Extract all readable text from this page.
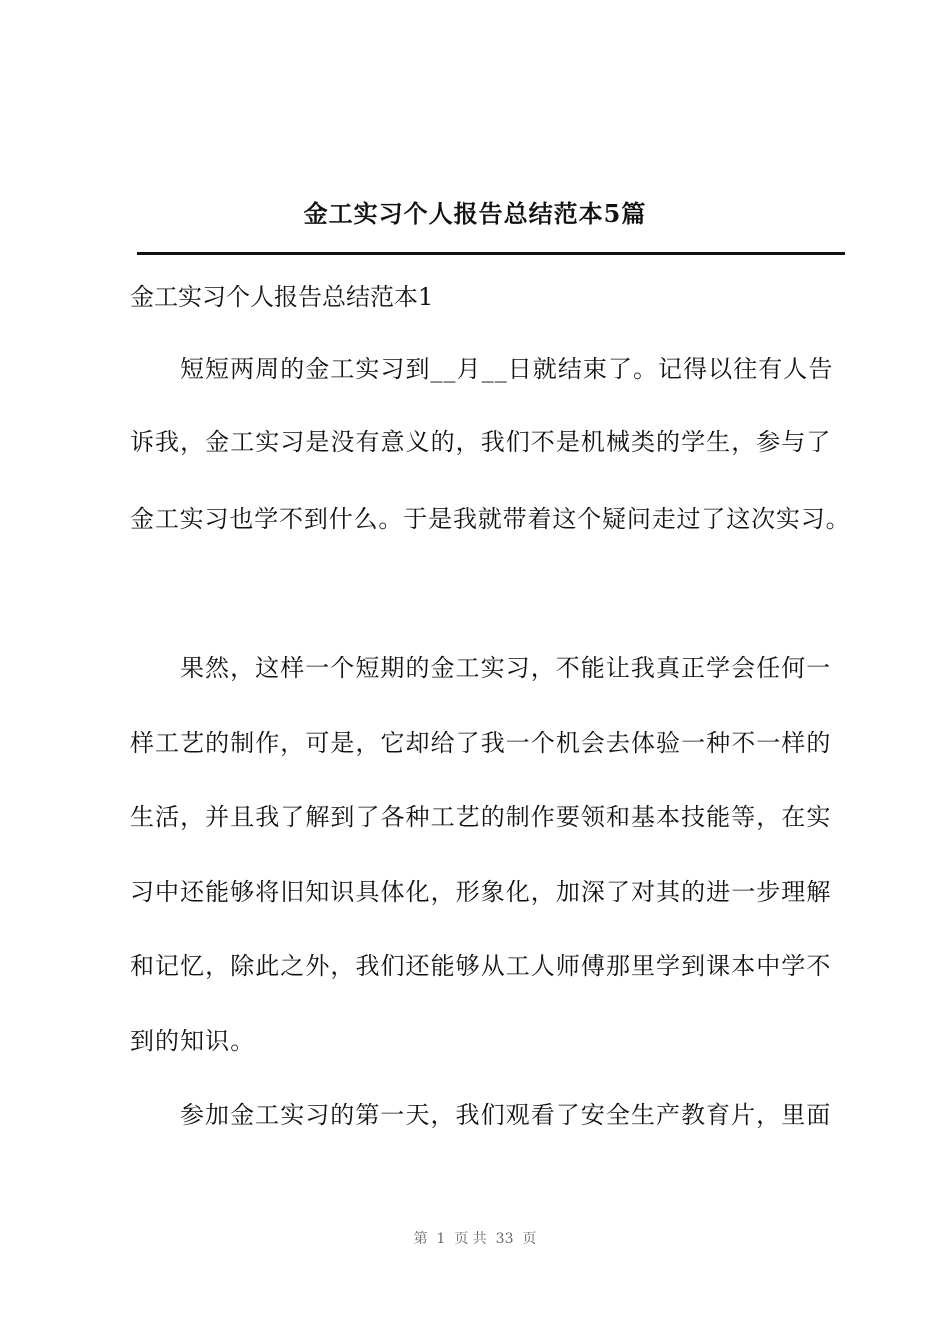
金工实习个人报告总结范本5篇
金工实习个人报告总结范本1
短短两周的金工实习到__月__日就结束了。记得以往有人告
诉我，金工实习是没有意义的，我们不是机械类的学生，参与了
金工实习也学不到什么。于是我就带着这个疑问走过了这次实习。
果然，这样一个短期的金工实习，不能让我真正学会任何一
样工艺的制作，可是，它却给了我一个机会去体验一种不一样的
生活，并且我了解到了各种工艺的制作要领和基本技能等，在实
习中还能够将旧知识具体化，形象化，加深了对其的进一步理解
和记忆，除此之外，我们还能够从工人师傅那里学到课本中学不
到的知识。
参加金工实习的第一天，我们观看了安全生产教育片，里面
第  1  页 共  33  页
